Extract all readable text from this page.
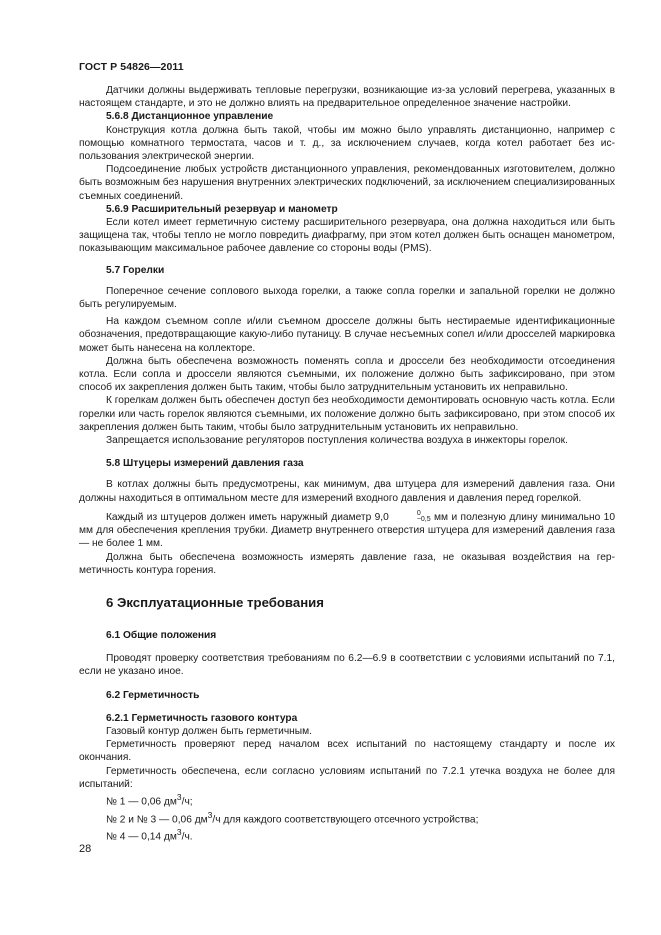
ГОСТ Р 54826—2011

Датчики должны выдерживать тепловые перегрузки, возникающие из-за условий перегрева, указанных в настоящем стандарте, и это не должно влиять на предварительное определенное значение настройки.

5.6.8 Дистанционное управление

Конструкция котла должна быть такой, чтобы им можно было управлять дистанционно, например с помощью комнатного термостата, часов и т. д., за исключением случаев, когда котел работает без использования электрической энергии.

Подсоединение любых устройств дистанционного управления, рекомендованных изготовителем, должно быть возможным без нарушения внутренних электрических подключений, за исключением специализированных съемных соединений.

5.6.9 Расширительный резервуар и манометр

Если котел имеет герметичную систему расширительного резервуара, она должна находиться или быть защищена так, чтобы тепло не могло повредить диафрагму, при этом котел должен быть оснащен манометром, показывающим максимальное рабочее давление со стороны воды (PMS).

5.7 Горелки

Поперечное сечение соплового выхода горелки, а также сопла горелки и запальной горелки не должно быть регулируемым.

На каждом съемном сопле и/или съемном дросселе должны быть нестираемые идентификационные обозначения, предотвращающие какую-либо путаницу. В случае несъемных сопел и/или дросселей маркировка может быть нанесена на коллекторе.

Должна быть обеспечена возможность поменять сопла и дроссели без необходимости отсоединения котла. Если сопла и дроссели являются съемными, их положение должно быть зафиксировано, при этом способ их закрепления должен быть таким, чтобы было затруднительным установить их неправильно.

К горелкам должен быть обеспечен доступ без необходимости демонтировать основную часть котла. Если горелки или часть горелок являются съемными, их положение должно быть зафиксировано, при этом способ их закрепления должен быть таким, чтобы было затруднительным установить их неправильно.

Запрещается использование регуляторов поступления количества воздуха в инжекторы горелок.

5.8 Штуцеры измерений давления газа

В котлах должны быть предусмотрены, как минимум, два штуцера для измерений давления газа. Они должны находиться в оптимальном месте для измерений входного давления и давления перед горелкой.

Каждый из штуцеров должен иметь наружный диаметр 9,0	0
−0,5 мм и полезную длину минимально 10 мм для обеспечения крепления трубки. Диаметр внутреннего отверстия штуцера для измерений давления газа — не более 1 мм.

Должна быть обеспечена возможность измерять давление газа, не оказывая воздействия на герметичность контура горения.

6 Эксплуатационные требования
6.1 Общие положения

Проводят проверку соответствия требованиям по 6.2—6.9 в соответствии с условиями испытаний по 7.1, если не указано иное.

6.2 Герметичность
6.2.1 Герметичность газового контура

Газовый контур должен быть герметичным.

Герметичность проверяют перед началом всех испытаний по настоящему стандарту и после их окончания.

Герметичность обеспечена, если согласно условиям испытаний по 7.2.1 утечка воздуха не более для испытаний:

№ 1 — 0,06 $дм^3/ч$;
№ 2 и № 3 — 0,06 $дм^3/ч$ для каждого соответствующего отсечного устройства;
№ 4 — 0,14 $дм^3/ч$.
28
